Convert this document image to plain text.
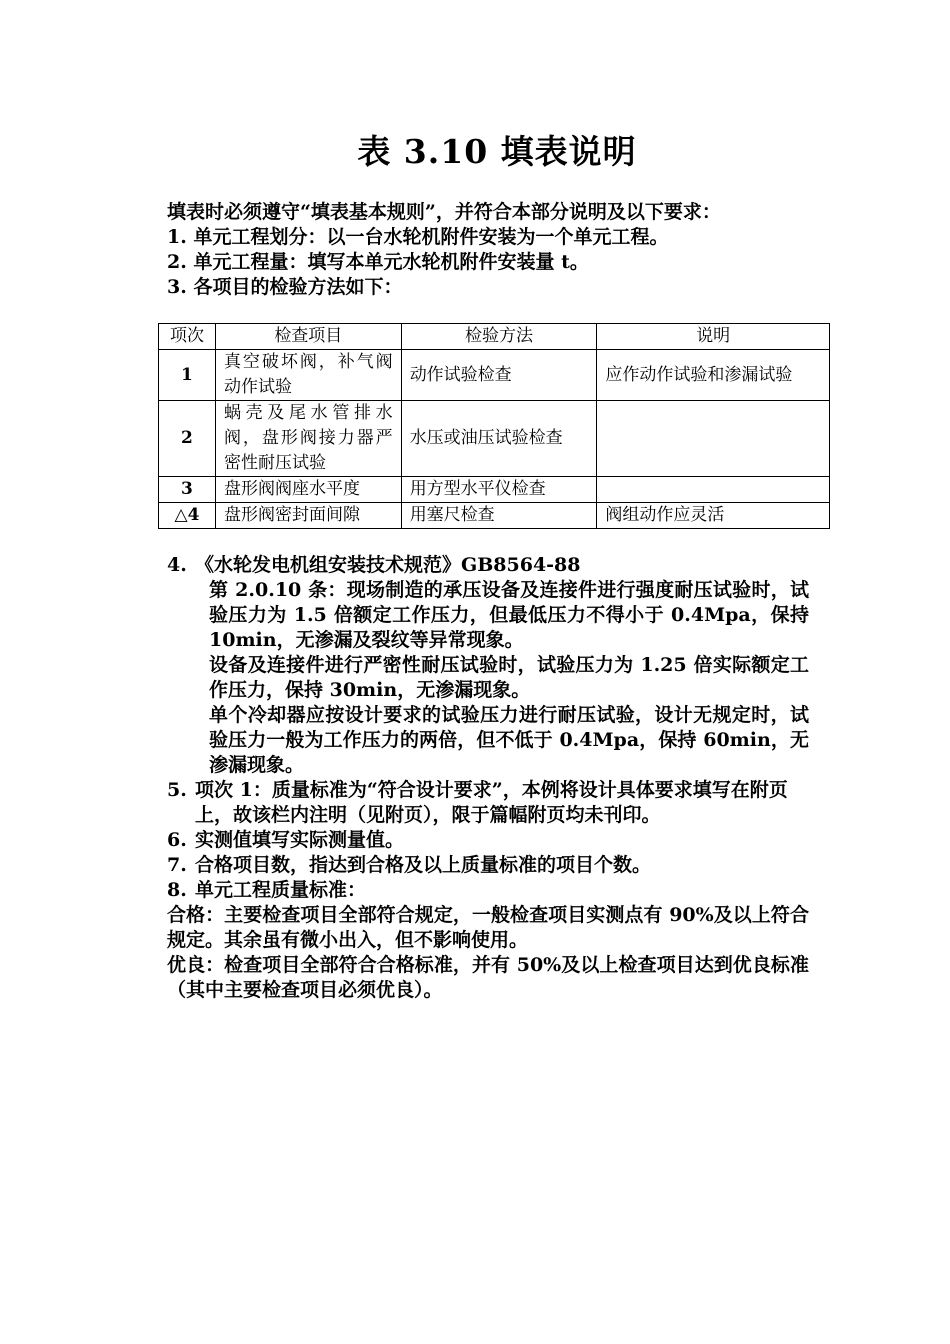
表 3.10 填表说明
填表时必须遵守“填表基本规则”，并符合本部分说明及以下要求：
1. 单元工程划分：以一台水轮机附件安装为一个单元工程。
2. 单元工程量：填写本单元水轮机附件安装量 t。
3. 各项目的检验方法如下：
项次	检查项目	检验方法	说明
1	真空破坏阀，补气阀动作试验	动作试验检查	应作动作试验和渗漏试验
2	蜗壳及尾水管排水阀，盘形阀接力器严密性耐压试验	水压或油压试验检查	
3	盘形阀阀座水平度	用方型水平仪检查	
△4	盘形阀密封面间隙	用塞尺检查	阀组动作应灵活
4. 《水轮发电机组安装技术规范》GB8564-88
第 2.0.10 条：现场制造的承压设备及连接件进行强度耐压试验时，试验压力为 1.5 倍额定工作压力，但最低压力不得小于 0.4Mpa，保持 10min，无渗漏及裂纹等异常现象。
设备及连接件进行严密性耐压试验时，试验压力为 1.25 倍实际额定工作压力，保持 30min，无渗漏现象。
单个冷却器应按设计要求的试验压力进行耐压试验，设计无规定时，试验压力一般为工作压力的两倍，但不低于 0.4Mpa，保持 60min，无渗漏现象。
5. 项次 1：质量标准为“符合设计要求”，本例将设计具体要求填写在附页上，故该栏内注明（见附页），限于篇幅附页均未刊印。
6. 实测值填写实际测量值。
7. 合格项目数，指达到合格及以上质量标准的项目个数。
8. 单元工程质量标准：
合格：主要检查项目全部符合规定，一般检查项目实测点有 90%及以上符合规定。其余虽有微小出入，但不影响使用。
优良：检查项目全部符合合格标准，并有 50%及以上检查项目达到优良标准（其中主要检查项目必须优良）。
